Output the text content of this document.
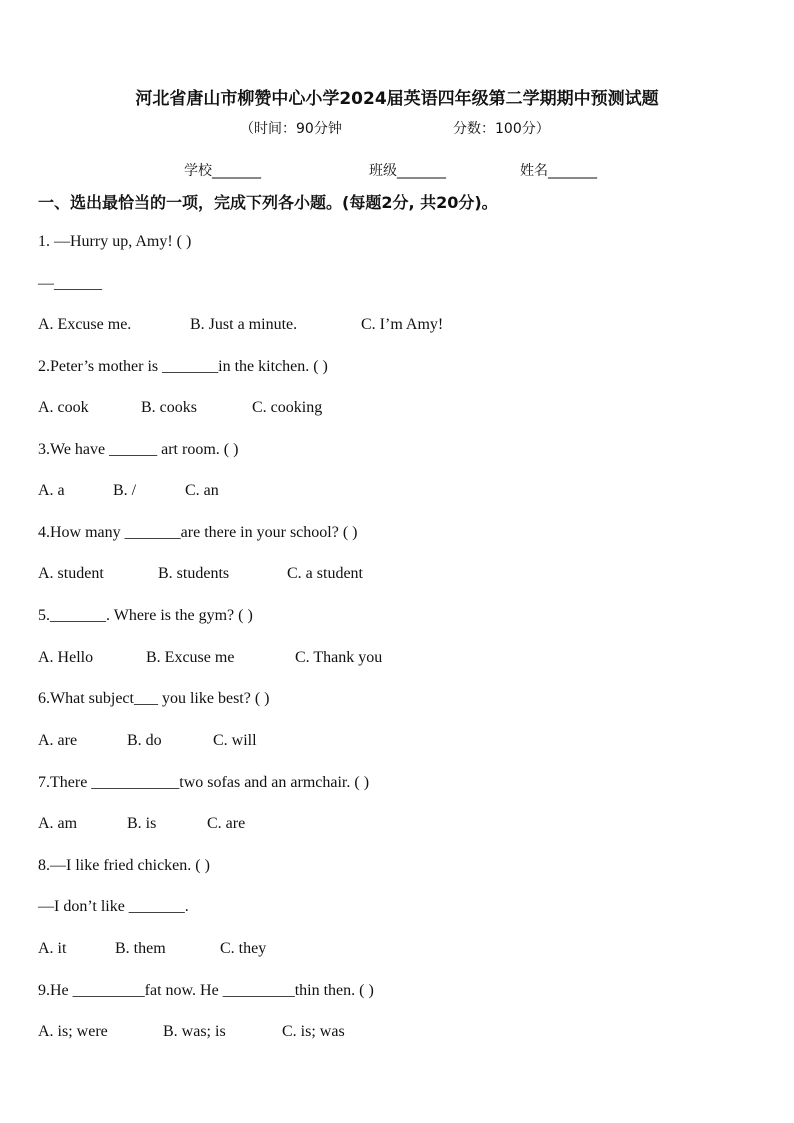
河北省唐山市柳赞中心小学2024届英语四年级第二学期期中预测试题
（时间：90分钟	分数：100分）
学校_______	班级_______	姓名_______
一、选出最恰当的一项，完成下列各小题。(每题2分, 共20分)。
1. —Hurry up, Amy! ( )
—______
A. Excuse me.	B. Just a minute.	C. I’m Amy!
2.Peter’s mother is _______in the kitchen. ( )
A. cook	B. cooks	C. cooking
3.We have ______ art room. ( )
A. a	B. /	C. an
4.How many _______are there in your school? ( )
A. student	B. students	C. a student
5._______. Where is the gym? ( )
A. Hello	B. Excuse me	C. Thank you
6.What subject___ you like best? ( )
A. are	B. do	C. will
7.There ___________two sofas and an armchair. ( )
A. am	B. is	C. are
8.—I like fried chicken. ( )
—I don’t like _______.
A. it	B. them	C. they
9.He _________fat now. He _________thin then. ( )
A. is; were	B. was; is	C. is; was
